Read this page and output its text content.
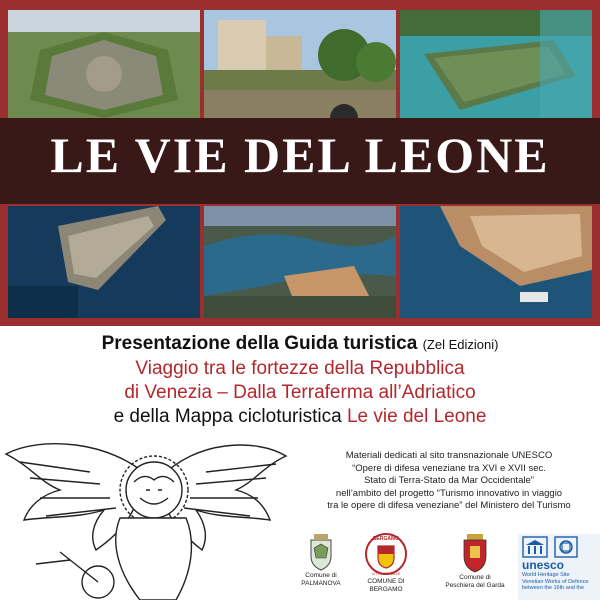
LE VIE DEL LEONE
Presentazione della Guida turistica (Zel Edizioni)
Viaggio tra le fortezze della Repubblica
di Venezia – Dalla Terraferma all’Adriatico
e della Mappa cicloturistica Le vie del Leone
Materiali dedicati al sito transnazionale UNESCO
“Opere di difesa veneziane tra XVI e XVII sec.
Stato di Terra-Stato da Mar Occidentale”
nell’ambito del progetto “Turismo innovativo in viaggio
tra le opere di difesa veneziane” del Ministero del Turismo
Comune di
PALMANOVA
BERGAMO
CITTÀ DEI MILLE
COMUNE DI BERGAMO
Comune di
Peschiera del Garda
unesco
World Heritage Site
Venetian Works of Defence
between the 16th and the
